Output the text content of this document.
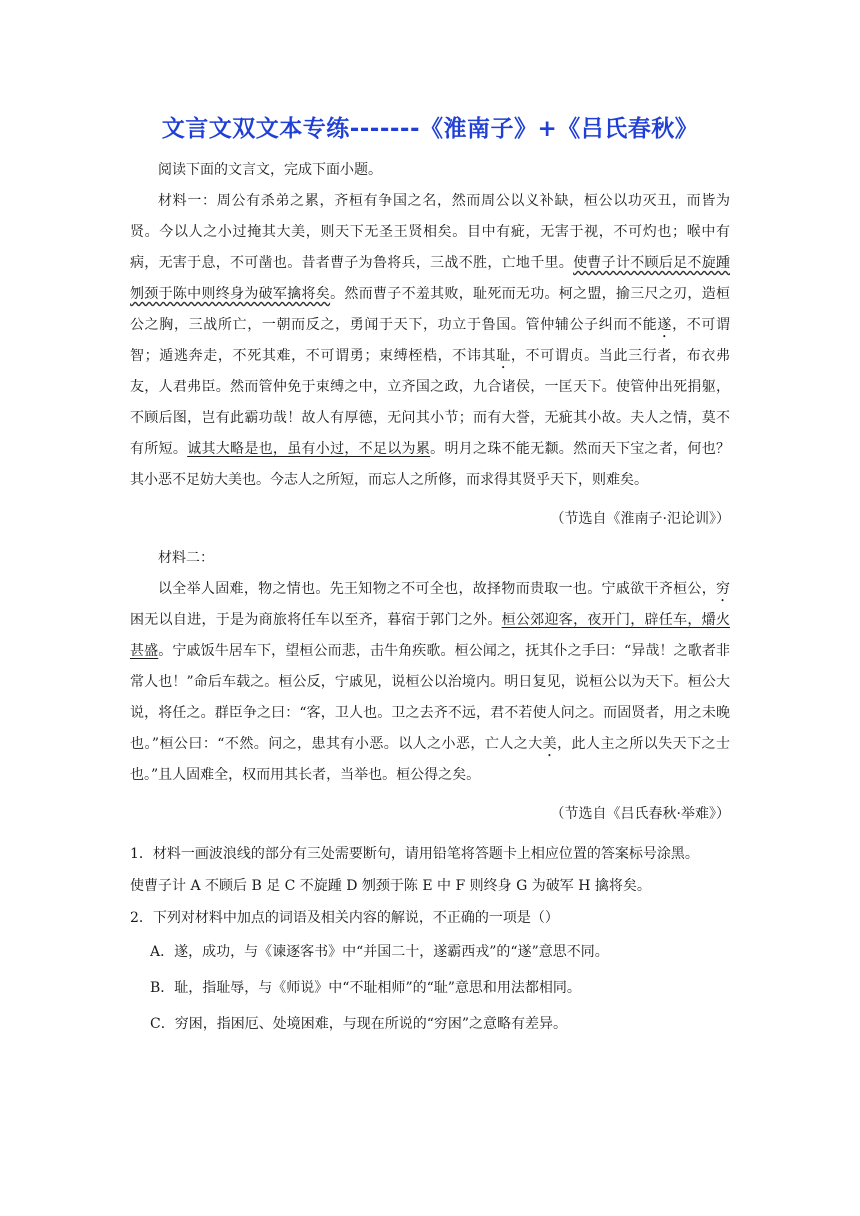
文言文双文本专练-------《淮南子》+《吕氏春秋》

阅读下面的文言文，完成下面小题。

材料一：周公有杀弟之累，齐桓有争国之名，然而周公以义补缺，桓公以功灭丑，而皆为贤。今以人之小过掩其大美，则天下无圣王贤相矣。目中有疵，无害于视，不可灼也；喉中有病，无害于息，不可凿也。昔者曹子为鲁将兵，三战不胜，亡地千里。使曹子计不顾后足不旋踵刎颈于陈中则终身为破军擒将矣。然而曹子不羞其败，耻死而无功。柯之盟，揄三尺之刃，造桓公之胸，三战所亡，一朝而反之，勇闻于天下，功立于鲁国。管仲辅公子纠而不能遂，不可谓智；遁逃奔走，不死其难，不可谓勇；束缚桎梏，不讳其耻，不可谓贞。当此三行者，布衣弗友，人君弗臣。然而管仲免于束缚之中，立齐国之政，九合诸侯，一匡天下。使管仲出死捐躯，不顾后图，岂有此霸功哉！故人有厚德，无问其小节；而有大誉，无疵其小故。夫人之情，莫不有所短。诚其大略是也，虽有小过，不足以为累。明月之珠不能无颣。然而天下宝之者，何也？其小恶不足妨大美也。今志人之所短，而忘人之所修，而求得其贤乎天下，则难矣。

（节选自《淮南子·氾论训》）

材料二：

以全举人固难，物之情也。先王知物之不可全也，故择物而贵取一也。宁戚欲干齐桓公，穷困无以自进，于是为商旅将任车以至齐，暮宿于郭门之外。桓公郊迎客，夜开门，辟任车，爝火甚盛。宁戚饭牛居车下，望桓公而悲，击牛角疾歌。桓公闻之，抚其仆之手曰：“异哉！之歌者非常人也！”命后车载之。桓公反，宁戚见，说桓公以治境内。明日复见，说桓公以为天下。桓公大说，将任之。群臣争之曰：“客，卫人也。卫之去齐不远，君不若使人问之。而固贤者，用之未晚也。”桓公曰：“不然。问之，患其有小恶。以人之小恶，亡人之大美，此人主之所以失天下之士也。”且人固难全，权而用其长者，当举也。桓公得之矣。

（节选自《吕氏春秋·举难》）

1．材料一画波浪线的部分有三处需要断句，请用铅笔将答题卡上相应位置的答案标号涂黑。

使曹子计 A 不顾后 B 足 C 不旋踵 D 刎颈于陈 E 中 F 则终身 G 为破军 H 擒将矣。

2．下列对材料中加点的词语及相关内容的解说，不正确的一项是（）

A．遂，成功，与《谏逐客书》中“并国二十，遂霸西戎”的“遂”意思不同。

B．耻，指耻辱，与《师说》中“不耻相师”的“耻”意思和用法都相同。

C．穷困，指困厄、处境困难，与现在所说的“穷困”之意略有差异。
